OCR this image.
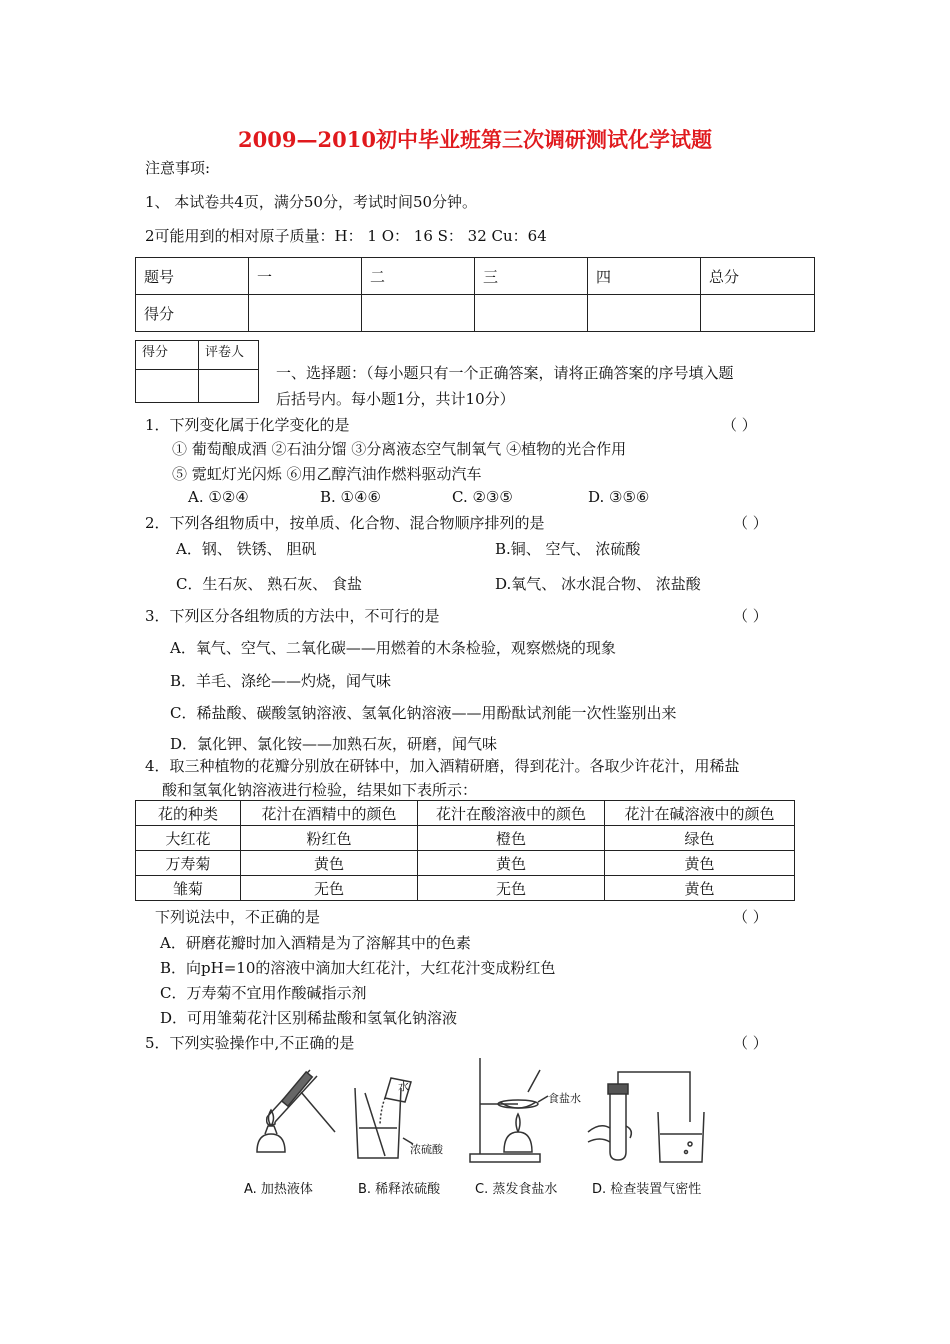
2009—2010初中毕业班第三次调研测试化学试题
注意事项:
1、 本试卷共4页，满分50分，考试时间50分钟。
2可能用到的相对原子质量：H： 1 O： 16 S： 32 Cu：64
题号	一	二	三	四	总分
得分					
得分	评卷人

一、选择题：（每小题只有一个正确答案，请将正确答案的序号填入题
后括号内。每小题1分，共计10分）
1．下列变化属于化学变化的是	（ ）
① 葡萄酿成酒 ②石油分馏 ③分离液态空气制氧气 ④植物的光合作用
⑤ 霓虹灯光闪烁 ⑥用乙醇汽油作燃料驱动汽车
A. ①②④	B. ①④⑥	C. ②③⑤	D. ③⑤⑥
2．下列各组物质中，按单质、化合物、混合物顺序排列的是	（ ）
A．钢、 铁锈、 胆矾	B.铜、 空气、 浓硫酸
C．生石灰、 熟石灰、 食盐	D.氧气、 冰水混合物、 浓盐酸
3．下列区分各组物质的方法中，不可行的是	（ ）
A．氧气、空气、二氧化碳——用燃着的木条检验，观察燃烧的现象
B．羊毛、涤纶——灼烧，闻气味
C．稀盐酸、碳酸氢钠溶液、氢氧化钠溶液——用酚酞试剂能一次性鉴别出来
D．氯化钾、氯化铵——加熟石灰，研磨，闻气味
4．取三种植物的花瓣分别放在研钵中，加入酒精研磨，得到花汁。各取少许花汁，用稀盐
酸和氢氧化钠溶液进行检验，结果如下表所示：
花的种类	花汁在酒精中的颜色	花汁在酸溶液中的颜色	花汁在碱溶液中的颜色
大红花	粉红色	橙色	绿色
万寿菊	黄色	黄色	黄色
雏菊	无色	无色	黄色
下列说法中，不正确的是	（ ）
A．研磨花瓣时加入酒精是为了溶解其中的色素
B．向pH=10的溶液中滴加大红花汁，大红花汁变成粉红色
C．万寿菊不宜用作酸碱指示剂
D．可用雏菊花汁区别稀盐酸和氢氧化钠溶液
5．下列实验操作中,不正确的是	（ ）
水
浓硫酸
食盐水
A. 加热液体	B. 稀释浓硫酸	C. 蒸发食盐水	D. 检查装置气密性
